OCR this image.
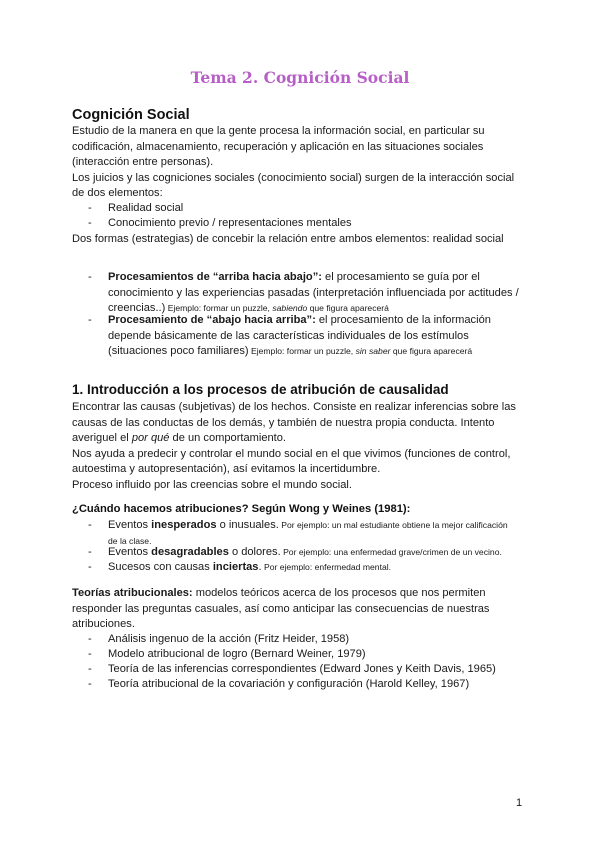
Tema 2. Cognición Social
Cognición Social
Estudio de la manera en que la gente procesa la información social, en particular su
codificación, almacenamiento, recuperación y aplicación en las situaciones sociales
(interacción entre personas).
Los juicios y las cogniciones sociales (conocimiento social) surgen de la interacción social
de dos elementos:
-	Realidad social
-	Conocimiento previo / representaciones mentales
Dos formas (estrategias) de concebir la relación entre ambos elementos: realidad social
-	Procesamientos de “arriba hacia abajo”: el procesamiento se guía por el
conocimiento y las experiencias pasadas (interpretación influenciada por actitudes /
creencias..) Ejemplo: formar un puzzle, sabiendo que figura aparecerá
-	Procesamiento de “abajo hacia arriba”: el procesamiento de la información
depende básicamente de las características individuales de los estímulos
(situaciones poco familiares) Ejemplo: formar un puzzle, sin saber que figura aparecerá
1. Introducción a los procesos de atribución de causalidad
Encontrar las causas (subjetivas) de los hechos. Consiste en realizar inferencias sobre las
causas de las conductas de los demás, y también de nuestra propia conducta. Intento
averiguel el por qué de un comportamiento.
Nos ayuda a predecir y controlar el mundo social en el que vivimos (funciones de control,
autoestima y autopresentación), así evitamos la incertidumbre.
Proceso influido por las creencias sobre el mundo social.
¿Cuándo hacemos atribuciones? Según Wong y Weines (1981):
-	Eventos inesperados o inusuales. Por ejemplo: un mal estudiante obtiene la mejor calificación
de la clase.
-	Eventos desagradables o dolores. Por ejemplo: una enfermedad grave/crimen de un vecino.
-	Sucesos con causas inciertas. Por ejemplo: enfermedad mental.
Teorías atribucionales: modelos teóricos acerca de los procesos que nos permiten
responder las preguntas casuales, así como anticipar las consecuencias de nuestras
atribuciones.
-	Análisis ingenuo de la acción (Fritz Heider, 1958)
-	Modelo atribucional de logro (Bernard Weiner, 1979)
-	Teoría de las inferencias correspondientes (Edward Jones y Keith Davis, 1965)
-	Teoría atribucional de la covariación y configuración (Harold Kelley, 1967)
1
